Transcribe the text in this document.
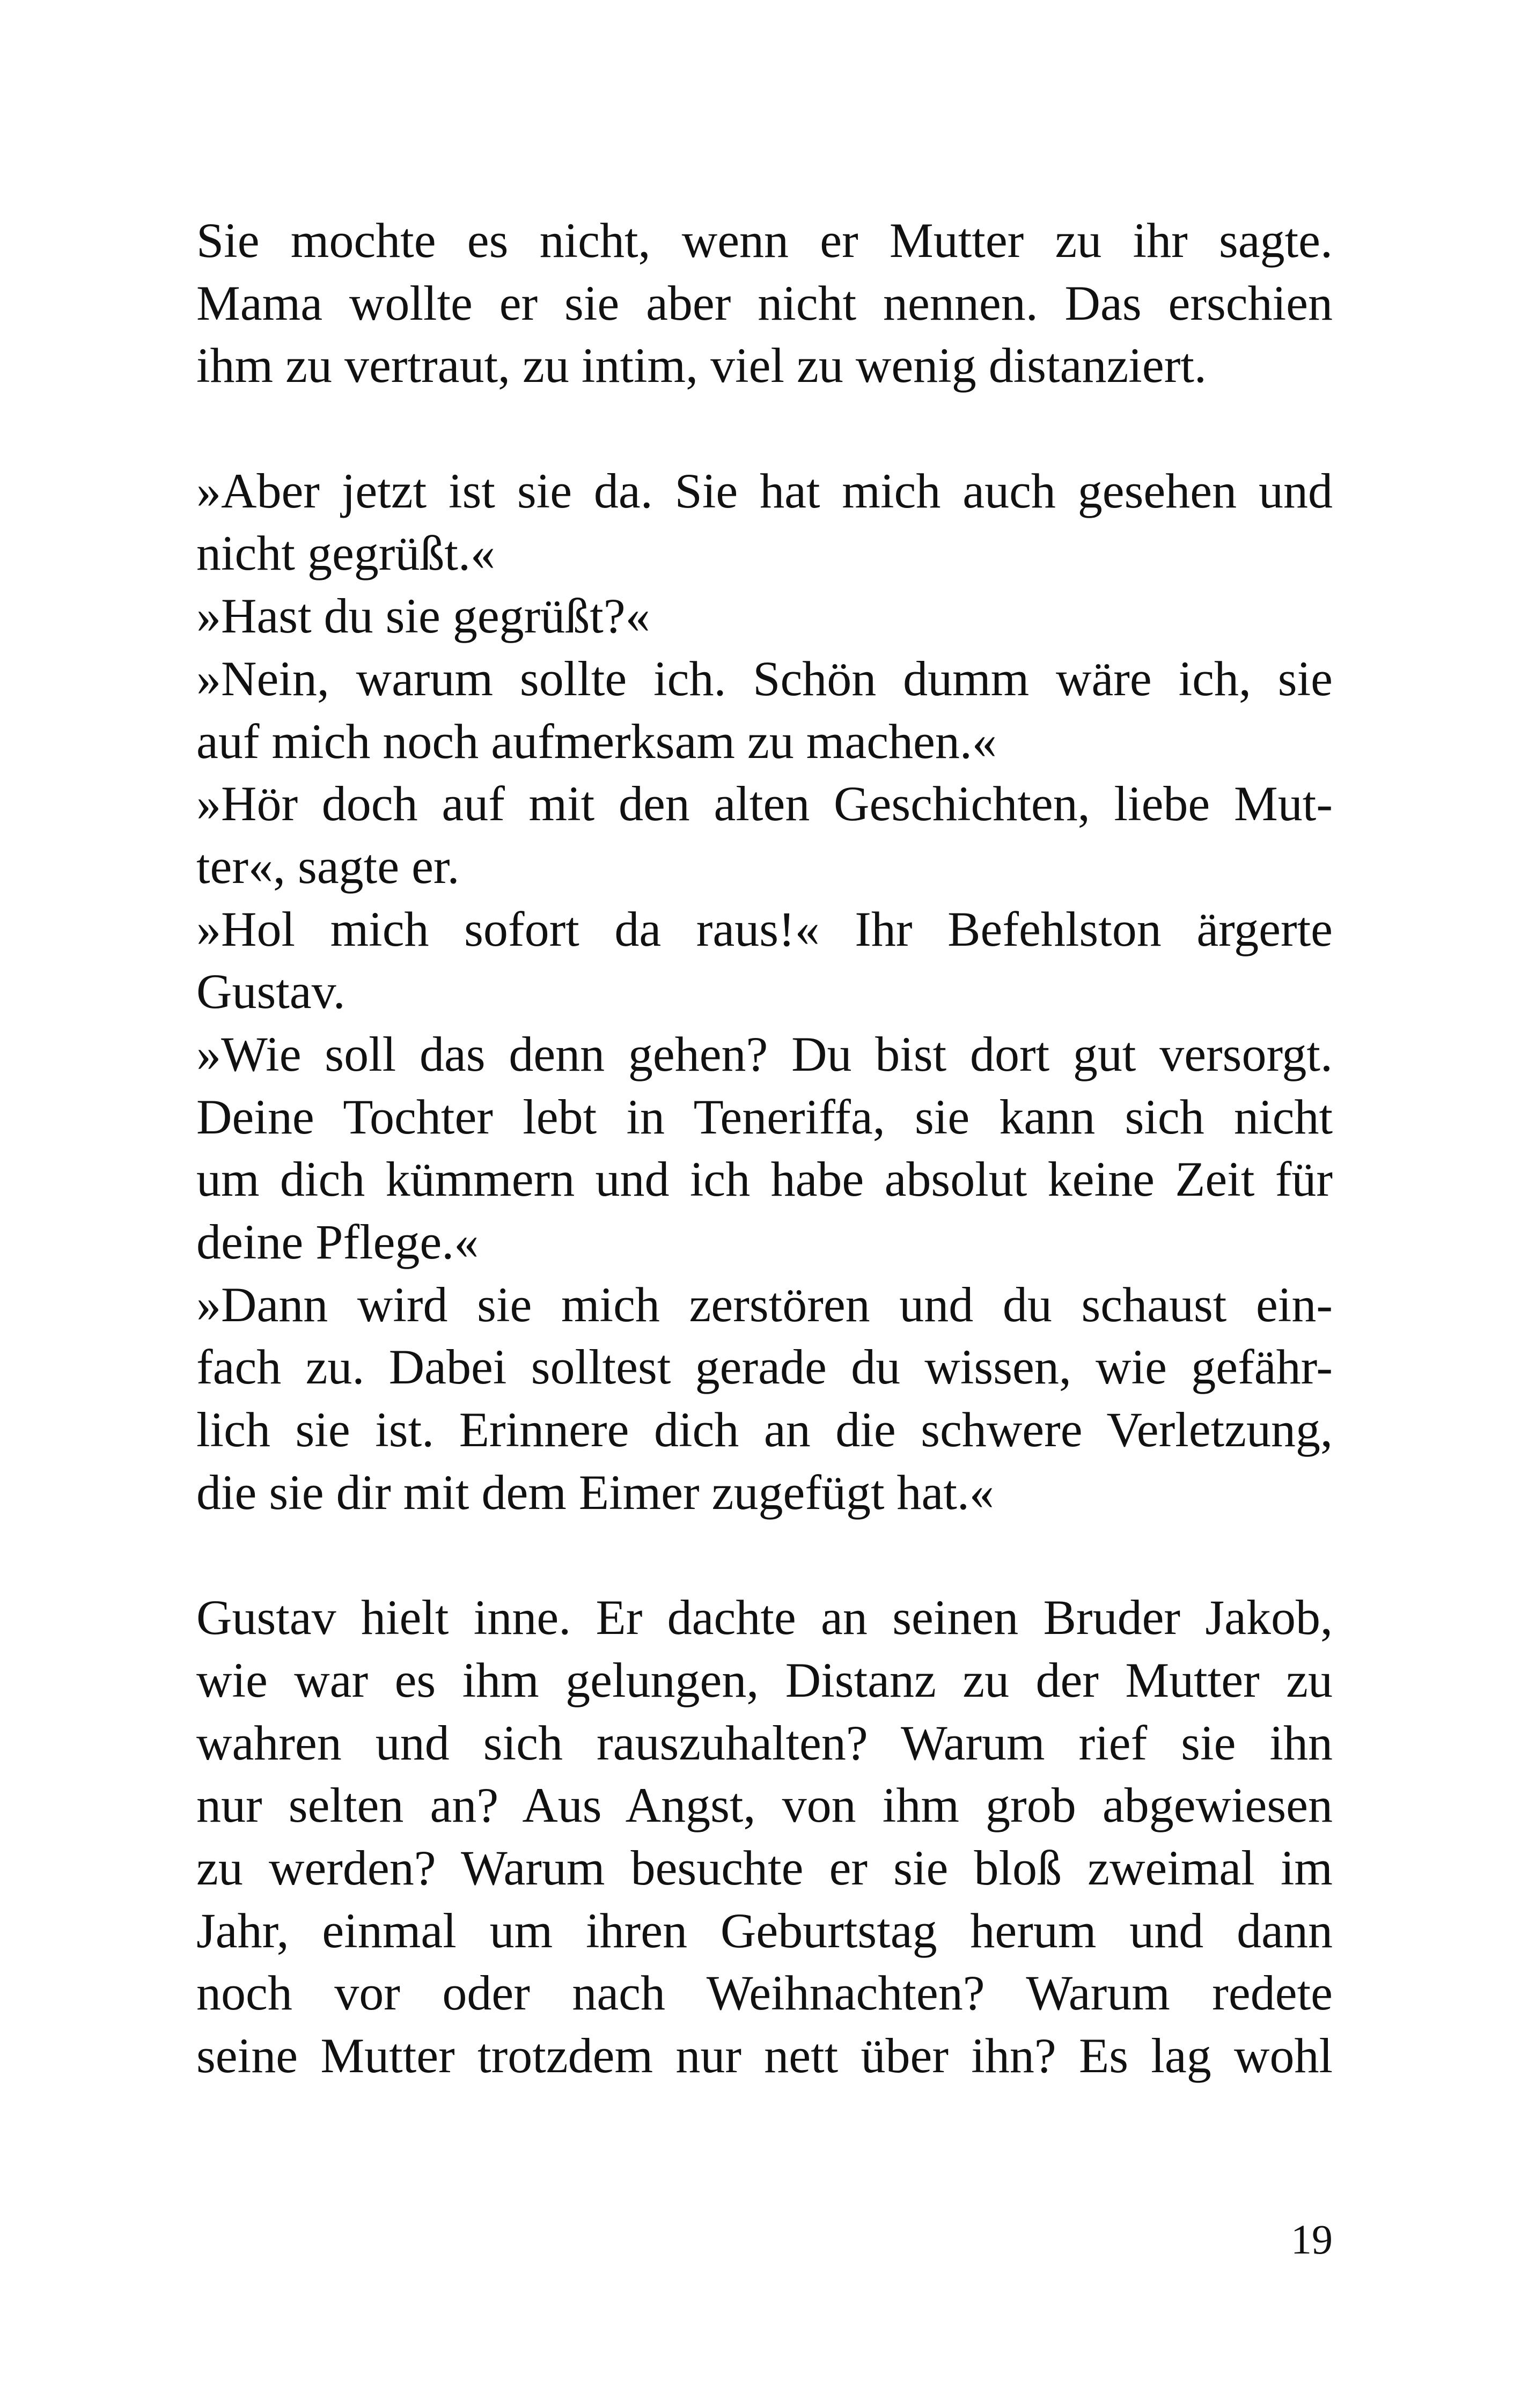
Sie mochte es nicht, wenn er Mutter zu ihr sagte.
Mama wollte er sie aber nicht nennen. Das erschien
ihm zu vertraut, zu intim, viel zu wenig distanziert.
»Aber jetzt ist sie da. Sie hat mich auch gesehen und
nicht gegrüßt.«
»Hast du sie gegrüßt?«
»Nein, warum sollte ich. Schön dumm wäre ich, sie
auf mich noch aufmerksam zu machen.«
»Hör doch auf mit den alten Geschichten, liebe Mut-
ter«, sagte er.
»Hol mich sofort da raus!« Ihr Befehlston ärgerte
Gustav.
»Wie soll das denn gehen? Du bist dort gut versorgt.
Deine Tochter lebt in Teneriffa, sie kann sich nicht
um dich kümmern und ich habe absolut keine Zeit für
deine Pflege.«
»Dann wird sie mich zerstören und du schaust ein-
fach zu. Dabei solltest gerade du wissen, wie gefähr-
lich sie ist. Erinnere dich an die schwere Verletzung,
die sie dir mit dem Eimer zugefügt hat.«
Gustav hielt inne. Er dachte an seinen Bruder Jakob,
wie war es ihm gelungen, Distanz zu der Mutter zu
wahren und sich rauszuhalten? Warum rief sie ihn
nur selten an? Aus Angst, von ihm grob abgewiesen
zu werden? Warum besuchte er sie bloß zweimal im
Jahr, einmal um ihren Geburtstag herum und dann
noch vor oder nach Weihnachten? Warum redete
seine Mutter trotzdem nur nett über ihn? Es lag wohl
19
